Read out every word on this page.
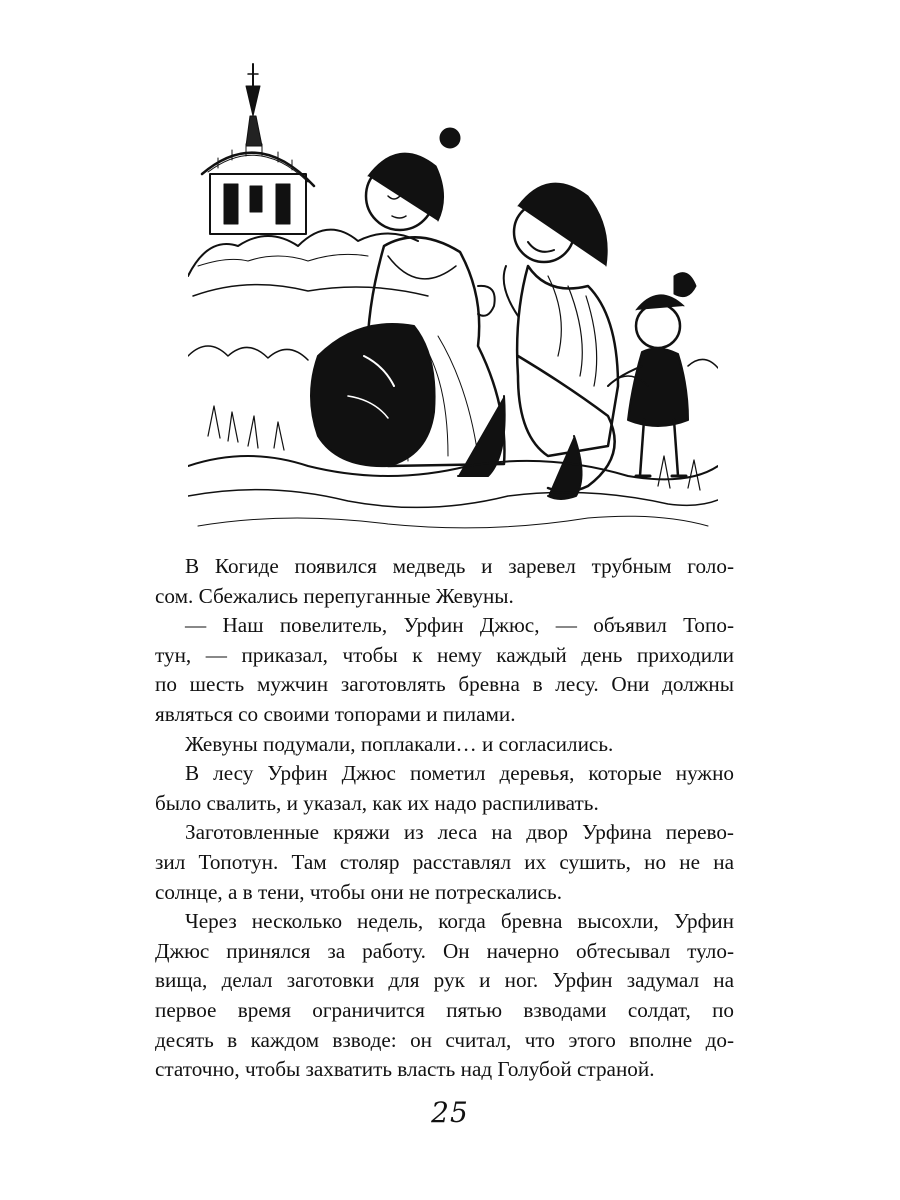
В Когиде появился медведь и заревел трубным голо-
сом. Сбежались перепуганные Жевуны.
— Наш повелитель, Урфин Джюс, — объявил Топо-
тун, — приказал, чтобы к нему каждый день приходили
по шесть мужчин заготовлять бревна в лесу. Они должны
являться со своими топорами и пилами.
Жевуны подумали, поплакали… и согласились.
В лесу Урфин Джюс пометил деревья, которые нужно
было свалить, и указал, как их надо распиливать.
Заготовленные кряжи из леса на двор Урфина перево-
зил Топотун. Там столяр расставлял их сушить, но не на
солнце, а в тени, чтобы они не потрескались.
Через несколько недель, когда бревна высохли, Урфин
Джюс принялся за работу. Он начерно обтесывал туло-
вища, делал заготовки для рук и ног. Урфин задумал на
первое время ограничится пятью взводами солдат, по
десять в каждом взводе: он считал, что этого вполне до-
статочно, чтобы захватить власть над Голубой страной.
25
